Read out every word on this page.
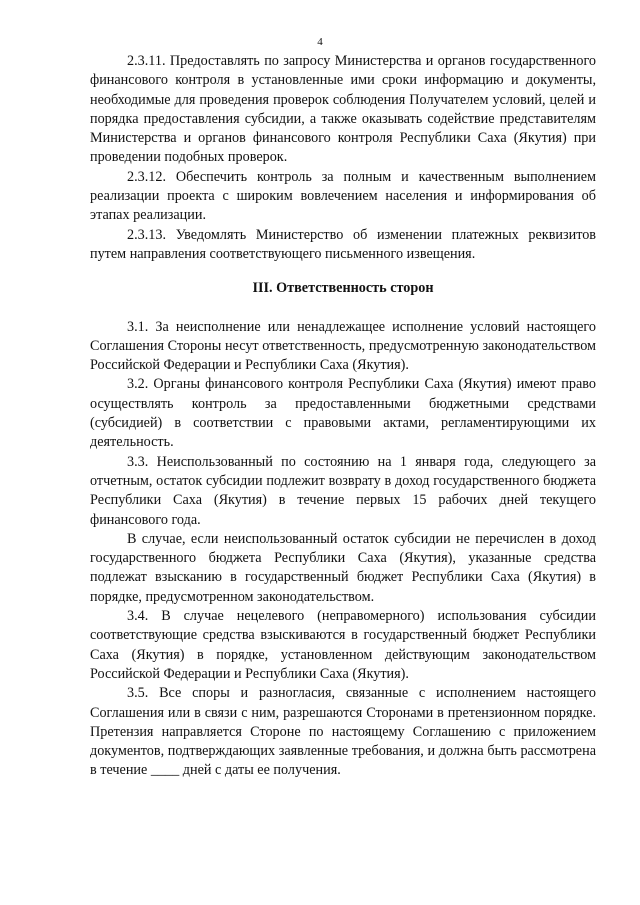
4

2.3.11. Предоставлять по запросу Министерства и органов государственного финансового контроля в установленные ими сроки информацию и документы, необходимые для проведения проверок соблюдения Получателем условий, целей и порядка предоставления субсидии, а также оказывать содействие представителям Министерства и органов финансового контроля Республики Саха (Якутия) при проведении подобных проверок.

2.3.12. Обеспечить контроль за полным и качественным выполнением реализации проекта с широким вовлечением населения и информирования об этапах реализации.

2.3.13. Уведомлять Министерство об изменении платежных реквизитов путем направления соответствующего письменного извещения.

III. Ответственность сторон

3.1. За неисполнение или ненадлежащее исполнение условий настоящего Соглашения Стороны несут ответственность, предусмотренную законодательством Российской Федерации и Республики Саха (Якутия).

3.2. Органы финансового контроля Республики Саха (Якутия) имеют право осуществлять контроль за предоставленными бюджетными средствами (субсидией) в соответствии с правовыми актами, регламентирующими их деятельность.

3.3. Неиспользованный по состоянию на 1 января года, следующего за отчетным, остаток субсидии подлежит возврату в доход государственного бюджета Республики Саха (Якутия) в течение первых 15 рабочих дней текущего финансового года.

В случае, если неиспользованный остаток субсидии не перечислен в доход государственного бюджета Республики Саха (Якутия), указанные средства подлежат взысканию в государственный бюджет Республики Саха (Якутия) в порядке, предусмотренном законодательством.

3.4. В случае нецелевого (неправомерного) использования субсидии соответствующие средства взыскиваются в государственный бюджет Республики Саха (Якутия) в порядке, установленном действующим законодательством Российской Федерации и Республики Саха (Якутия).

3.5. Все споры и разногласия, связанные с исполнением настоящего Соглашения или в связи с ним, разрешаются Сторонами в претензионном порядке. Претензия направляется Стороне по настоящему Соглашению с приложением документов, подтверждающих заявленные требования, и должна быть рассмотрена в течение ____ дней с даты ее получения.
